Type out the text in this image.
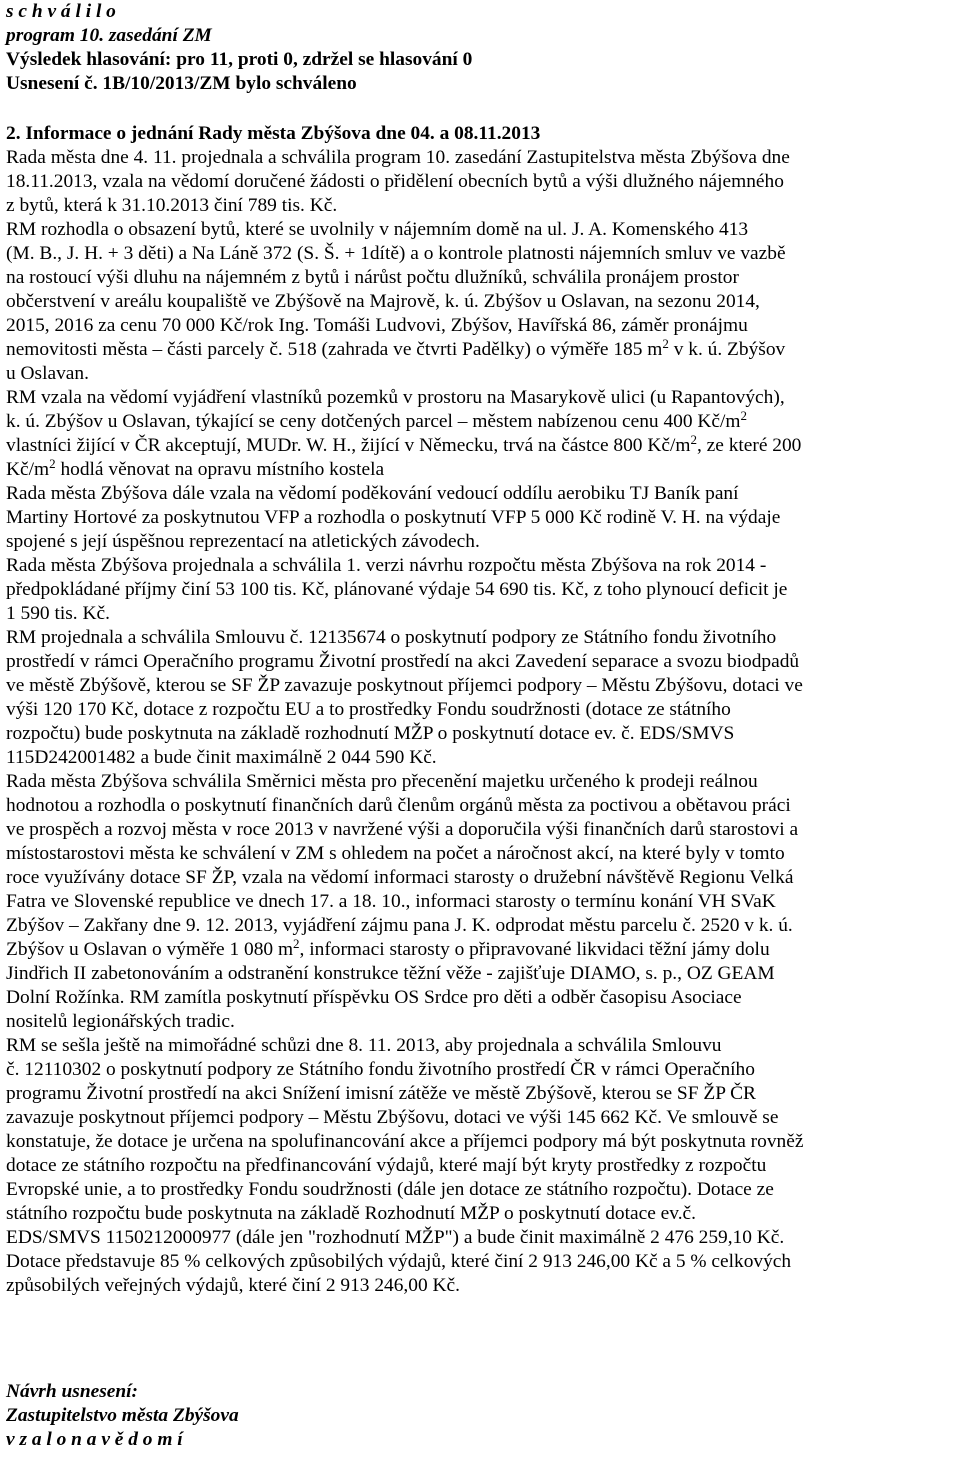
s c h v á l i l o
program 10. zasedání ZM
Výsledek hlasování: pro 11, proti 0, zdržel se hlasování 0
Usnesení č. 1B/10/2013/ZM bylo schváleno
2. Informace o jednání Rady města Zbýšova dne 04. a 08.11.2013
Rada města dne 4. 11. projednala a schválila program 10. zasedání Zastupitelstva města Zbýšova dne
18.11.2013, vzala na vědomí doručené žádosti o přidělení obecních bytů a výši dlužného nájemného
z bytů, která k 31.10.2013 činí 789 tis. Kč.
RM rozhodla o obsazení bytů, které se uvolnily v nájemním domě na ul. J. A. Komenského 413
(M. B., J. H. + 3 děti) a Na Láně 372 (S. Š. + 1dítě) a o kontrole platnosti nájemních smluv ve vazbě
na rostoucí výši dluhu na nájemném z bytů i nárůst počtu dlužníků, schválila pronájem prostor
občerstvení v areálu koupaliště ve Zbýšově na Majrově, k. ú. Zbýšov u Oslavan, na sezonu 2014,
2015, 2016 za cenu 70 000 Kč/rok Ing. Tomáši Ludvovi, Zbýšov, Havířská 86, záměr pronájmu
nemovitosti města – části parcely č. 518 (zahrada ve čtvrti Padělky) o výměře 185 $m^2$ v k. ú. Zbýšov
u Oslavan.
RM vzala na vědomí vyjádření vlastníků pozemků v prostoru na Masarykově ulici (u Rapantových),
k. ú. Zbýšov u Oslavan, týkající se ceny dotčených parcel – městem nabízenou cenu 400 $Kč/m^2$
vlastníci žijící v ČR akceptují, MUDr. W. H., žijící v Německu, trvá na částce 800 $Kč/m^2$, ze které 200
$Kč/m^2$ hodlá věnovat na opravu místního kostela
Rada města Zbýšova dále vzala na vědomí poděkování vedoucí oddílu aerobiku TJ Baník paní
Martiny Hortové za poskytnutou VFP a rozhodla o poskytnutí VFP 5 000 Kč rodině V. H. na výdaje
spojené s její úspěšnou reprezentací na atletických závodech.
Rada města Zbýšova projednala a schválila 1. verzi návrhu rozpočtu města Zbýšova na rok 2014 -
předpokládané příjmy činí 53 100 tis. Kč, plánované výdaje 54 690 tis. Kč, z toho plynoucí deficit je
1 590 tis. Kč.
RM projednala a schválila Smlouvu č. 12135674 o poskytnutí podpory ze Státního fondu životního
prostředí v rámci Operačního programu Životní prostředí na akci Zavedení separace a svozu biodpadů
ve městě Zbýšově, kterou se SF ŽP zavazuje poskytnout příjemci podpory – Městu Zbýšovu, dotaci ve
výši 120 170 Kč, dotace z rozpočtu EU a to prostředky Fondu soudržnosti (dotace ze státního
rozpočtu) bude poskytnuta na základě rozhodnutí MŽP o poskytnutí dotace ev. č. EDS/SMVS
115D242001482 a bude činit maximálně 2 044 590 Kč.
Rada města Zbýšova schválila Směrnici města pro přecenění majetku určeného k prodeji reálnou
hodnotou a rozhodla o poskytnutí finančních darů členům orgánů města za poctivou a obětavou práci
ve prospěch a rozvoj města v roce 2013 v navržené výši a doporučila výši finančních darů starostovi a
místostarostovi města ke schválení v ZM s ohledem na počet a náročnost akcí, na které byly v tomto
roce využívány dotace SF ŽP, vzala na vědomí informaci starosty o družební návštěvě Regionu Velká
Fatra ve Slovenské republice ve dnech 17. a 18. 10., informaci starosty o termínu konání VH SVaK
Zbýšov – Zakřany dne 9. 12. 2013, vyjádření zájmu pana J. K. odprodat městu parcelu č. 2520 v k. ú.
Zbýšov u Oslavan o výměře 1 080 $m^2$, informaci starosty o připravované likvidaci těžní jámy dolu
Jindřich II zabetonováním a odstranění konstrukce těžní věže - zajišťuje DIAMO, s. p., OZ GEAM
Dolní Rožínka. RM zamítla poskytnutí příspěvku OS Srdce pro děti a odběr časopisu Asociace
nositelů legionářských tradic.
RM se sešla ještě na mimořádné schůzi dne 8. 11. 2013, aby projednala a schválila Smlouvu
č. 12110302 o poskytnutí podpory ze Státního fondu životního prostředí ČR v rámci Operačního
programu Životní prostředí na akci Snížení imisní zátěže ve městě Zbýšově, kterou se SF ŽP ČR
zavazuje poskytnout příjemci podpory – Městu Zbýšovu, dotaci ve výši 145 662 Kč. Ve smlouvě se
konstatuje, že dotace je určena na spolufinancování akce a příjemci podpory má být poskytnuta rovněž
dotace ze státního rozpočtu na předfinancování výdajů, které mají být kryty prostředky z rozpočtu
Evropské unie, a to prostředky Fondu soudržnosti (dále jen dotace ze státního rozpočtu). Dotace ze
státního rozpočtu bude poskytnuta na základě Rozhodnutí MŽP o poskytnutí dotace ev.č.
EDS/SMVS 1150212000977 (dále jen "rozhodnutí MŽP") a bude činit maximálně 2 476 259,10 Kč.
Dotace představuje 85 % celkových způsobilých výdajů, které činí 2 913 246,00 Kč a 5 % celkových
způsobilých veřejných výdajů, které činí 2 913 246,00 Kč.
Návrh usnesení:
Zastupitelstvo města Zbýšova
v z a l o n a v ě d o m í
